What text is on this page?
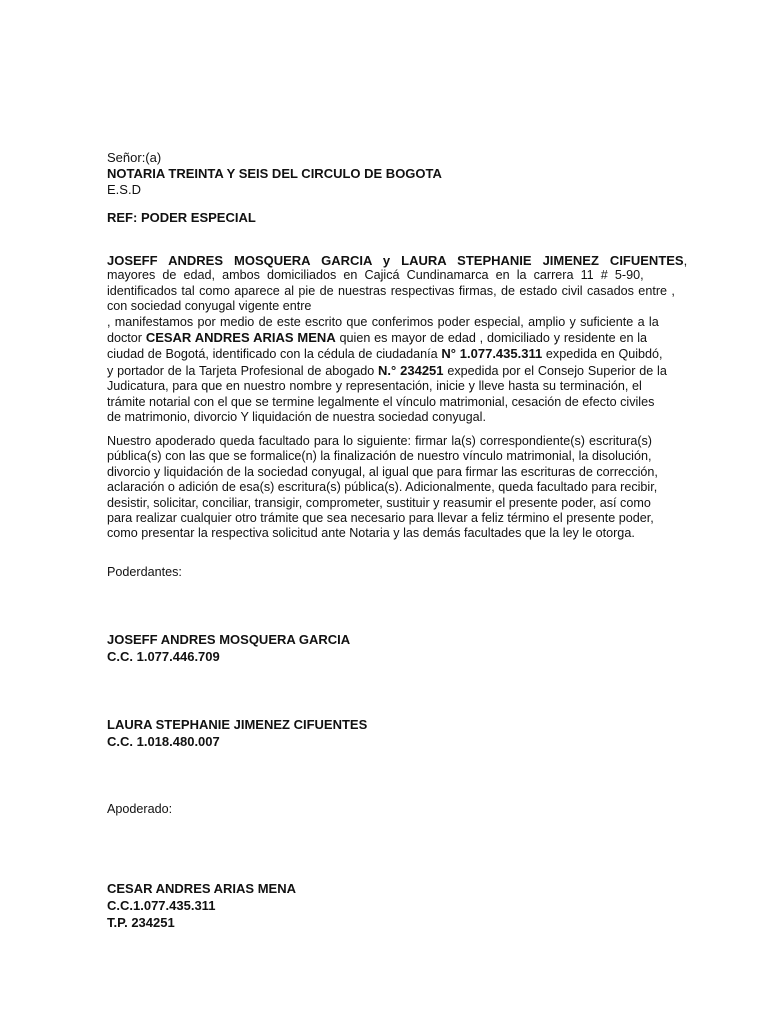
Señor:(a)
NOTARIA TREINTA Y SEIS DEL CIRCULO DE BOGOTA
E.S.D
REF: PODER ESPECIAL
JOSEFF ANDRES MOSQUERA GARCIA y LAURA STEPHANIE JIMENEZ CIFUENTES,
mayores de edad, ambos domiciliados en Cajicá Cundinamarca en la carrera 11 # 5-90,
identificados tal como aparece al pie de nuestras respectivas firmas, de estado civil casados entre ,
con sociedad conyugal vigente entre
, manifestamos por medio de este escrito que conferimos poder especial, amplio y suficiente a la
doctor CESAR ANDRES ARIAS MENA quien es mayor de edad , domiciliado y residente en la
ciudad de Bogotá, identificado con la cédula de ciudadanía N° 1.077.435.311 expedida en Quibdó,
y portador de la Tarjeta Profesional de abogado N.° 234251 expedida por el Consejo Superior de la
Judicatura, para que en nuestro nombre y representación, inicie y lleve hasta su terminación, el
trámite notarial con el que se termine legalmente el vínculo matrimonial, cesación de efecto civiles
de matrimonio, divorcio Y liquidación de nuestra sociedad conyugal.
Nuestro apoderado queda facultado para lo siguiente: firmar la(s) correspondiente(s) escritura(s)
pública(s) con las que se formalice(n) la finalización de nuestro vínculo matrimonial, la disolución,
divorcio y liquidación de la sociedad conyugal, al igual que para firmar las escrituras de corrección,
aclaración o adición de esa(s) escritura(s) pública(s). Adicionalmente, queda facultado para recibir,
desistir, solicitar, conciliar, transigir, comprometer, sustituir y reasumir el presente poder, así como
para realizar cualquier otro trámite que sea necesario para llevar a feliz término el presente poder,
como presentar la respectiva solicitud ante Notaria y las demás facultades que la ley le otorga.
Poderdantes:
JOSEFF ANDRES MOSQUERA GARCIA
C.C. 1.077.446.709
LAURA STEPHANIE JIMENEZ CIFUENTES
C.C. 1.018.480.007
Apoderado:
CESAR ANDRES ARIAS MENA
C.C.1.077.435.311
T.P. 234251
